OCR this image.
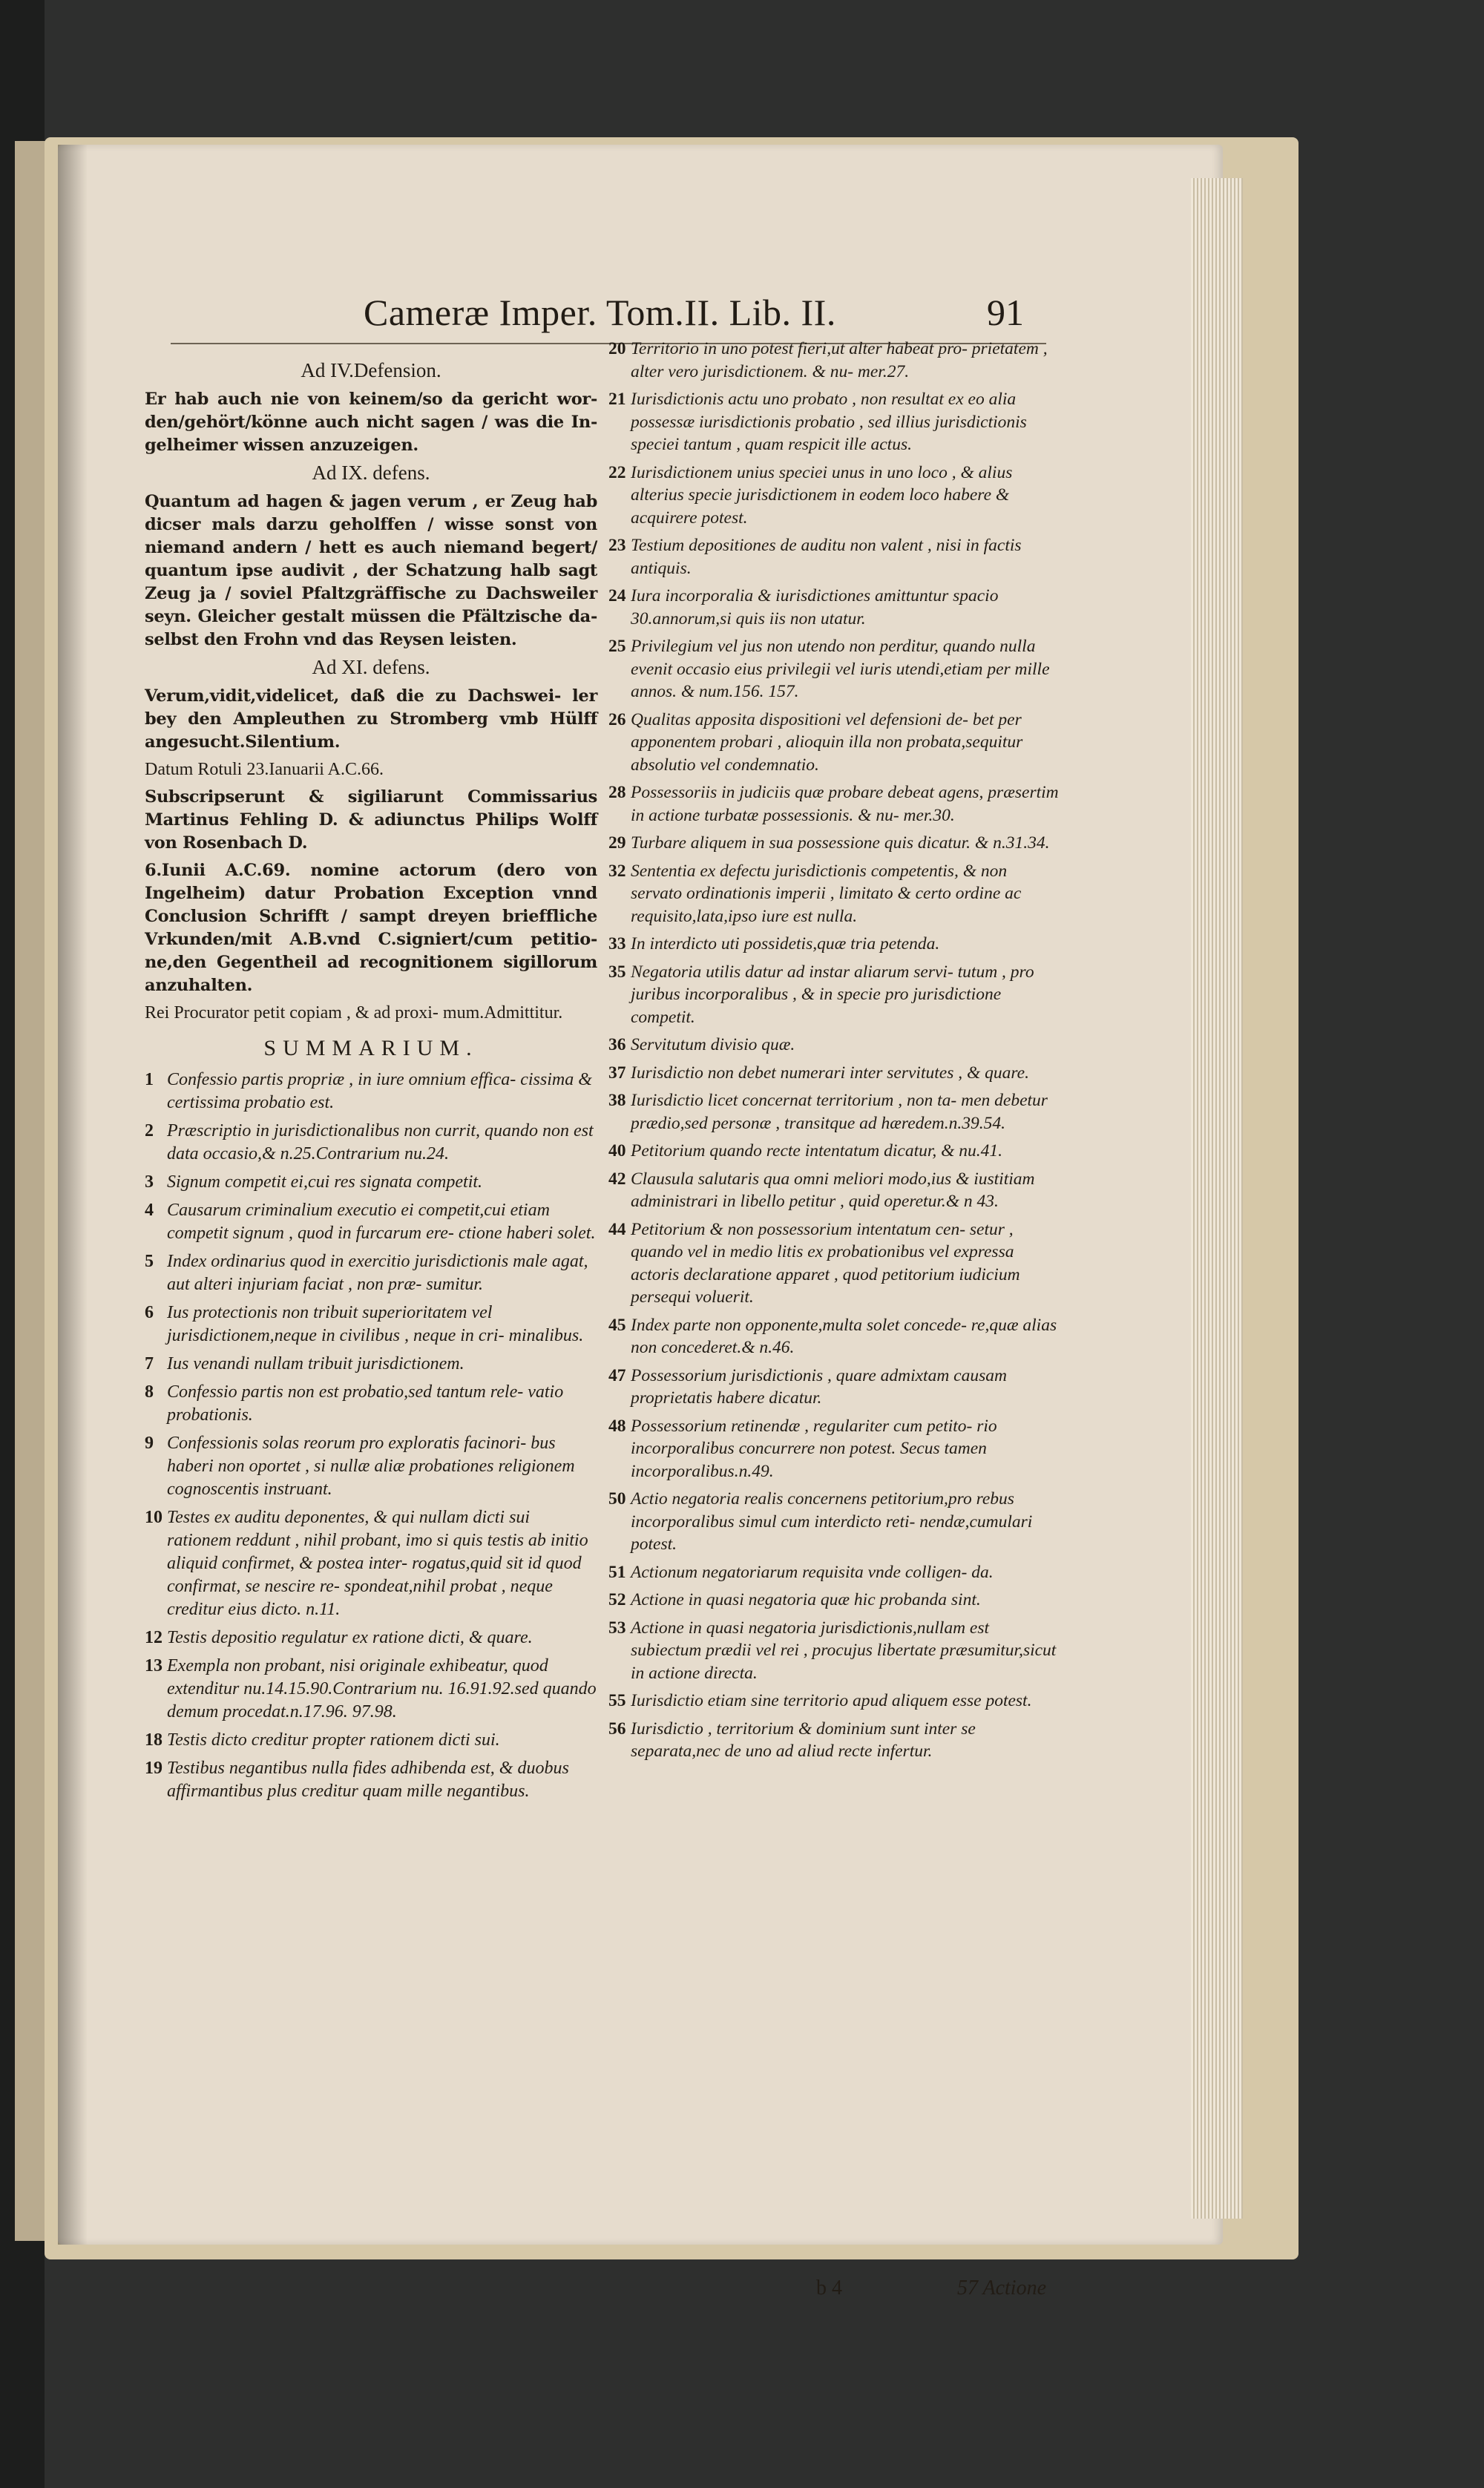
Cameræ Imper. Tom.II. Lib. II.	91
Ad IV.Defension.
Er hab auch nie von keinem/so da gericht wor- den/gehört/könne auch nicht sagen / was die In- gelheimer wissen anzuzeigen.
Ad IX. defens.
Quantum ad hagen & jagen verum , er Zeug hab dicser mals darzu geholffen / wisse sonst von niemand andern / hett es auch niemand begert/ quantum ipse audivit , der Schatzung halb sagt Zeug ja / soviel Pfaltzgräffische zu Dachsweiler seyn. Gleicher gestalt müssen die Pfältzische da- selbst den Frohn vnd das Reysen leisten.
Ad XI. defens.
Verum,vidit,videlicet, daß die zu Dachswei- ler bey den Ampleuthen zu Stromberg vmb Hülff angesucht.Silentium.
Datum Rotuli 23.Ianuarii A.C.66.
Subscripserunt & sigiliarunt Commissarius Martinus Fehling D. & adiunctus Philips Wolff von Rosenbach D.
6.Iunii A.C.69. nomine actorum (dero von Ingelheim) datur Probation Exception vnnd Conclusion Schrifft / sampt dreyen brieffliche Vrkunden/mit A.B.vnd C.signiert/cum petitio- ne,den Gegentheil ad recognitionem sigillorum anzuhalten.
Rei Procurator petit copiam , & ad proxi- mum.Admittitur.
SUMMARIUM.
1 Confessio partis propriæ , in iure omnium effica- cissima & certissima probatio est.
2 Præscriptio in jurisdictionalibus non currit, quando non est data occasio,& n.25.Contrarium nu.24.
3 Signum competit ei,cui res signata competit.
4 Causarum criminalium executio ei competit,cui etiam competit signum , quod in furcarum ere- ctione haberi solet.
5 Index ordinarius quod in exercitio jurisdictionis male agat, aut alteri injuriam faciat , non præ- sumitur.
6 Ius protectionis non tribuit superioritatem vel jurisdictionem,neque in civilibus , neque in cri- minalibus.
7 Ius venandi nullam tribuit jurisdictionem.
8 Confessio partis non est probatio,sed tantum rele- vatio probationis.
9 Confessionis solas reorum pro exploratis facinori- bus haberi non oportet , si nullæ aliæ probationes religionem cognoscentis instruant.
10 Testes ex auditu deponentes, & qui nullam dicti sui rationem reddunt , nihil probant, imo si quis testis ab initio aliquid confirmet, & postea inter- rogatus,quid sit id quod confirmat, se nescire re- spondeat,nihil probat , neque creditur eius dicto. n.11.
12 Testis depositio regulatur ex ratione dicti, & quare.
13 Exempla non probant, nisi originale exhibeatur, quod extenditur nu.14.15.90.Contrarium nu. 16.91.92.sed quando demum procedat.n.17.96. 97.98.
18 Testis dicto creditur propter rationem dicti sui.
19 Testibus negantibus nulla fides adhibenda est, & duobus affirmantibus plus creditur quam mille negantibus.
20 Territorio in uno potest fieri,ut alter habeat pro- prietatem , alter vero jurisdictionem. & nu- mer.27.
21 Iurisdictionis actu uno probato , non resultat ex eo alia possessæ iurisdictionis probatio , sed illius jurisdictionis speciei tantum , quam respicit ille actus.
22 Iurisdictionem unius speciei unus in uno loco , & alius alterius specie jurisdictionem in eodem loco habere & acquirere potest.
23 Testium depositiones de auditu non valent , nisi in factis antiquis.
24 Iura incorporalia & iurisdictiones amittuntur spacio 30.annorum,si quis iis non utatur.
25 Privilegium vel jus non utendo non perditur, quando nulla evenit occasio eius privilegii vel iuris utendi,etiam per mille annos. & num.156. 157.
26 Qualitas apposita dispositioni vel defensioni de- bet per apponentem probari , alioquin illa non probata,sequitur absolutio vel condemnatio.
28 Possessoriis in judiciis quæ probare debeat agens, præsertim in actione turbatæ possessionis. & nu- mer.30.
29 Turbare aliquem in sua possessione quis dicatur. & n.31.34.
32 Sententia ex defectu jurisdictionis competentis, & non servato ordinationis imperii , limitato & certo ordine ac requisito,lata,ipso iure est nulla.
33 In interdicto uti possidetis,quæ tria petenda.
35 Negatoria utilis datur ad instar aliarum servi- tutum , pro juribus incorporalibus , & in specie pro jurisdictione competit.
36 Servitutum divisio quæ.
37 Iurisdictio non debet numerari inter servitutes , & quare.
38 Iurisdictio licet concernat territorium , non ta- men debetur prædio,sed personæ , transitque ad hæredem.n.39.54.
40 Petitorium quando recte intentatum dicatur, & nu.41.
42 Clausula salutaris qua omni meliori modo,ius & iustitiam administrari in libello petitur , quid operetur.& n 43.
44 Petitorium & non possessorium intentatum cen- setur , quando vel in medio litis ex probationibus vel expressa actoris declaratione apparet , quod petitorium iudicium persequi voluerit.
45 Index parte non opponente,multa solet concede- re,quæ alias non concederet.& n.46.
47 Possessorium jurisdictionis , quare admixtam causam proprietatis habere dicatur.
48 Possessorium retinendæ , regulariter cum petito- rio incorporalibus concurrere non potest. Secus tamen incorporalibus.n.49.
50 Actio negatoria realis concernens petitorium,pro rebus incorporalibus simul cum interdicto reti- nendæ,cumulari potest.
51 Actionum negatoriarum requisita vnde colligen- da.
52 Actione in quasi negatoria quæ hic probanda sint.
53 Actione in quasi negatoria jurisdictionis,nullam est subiectum prædii vel rei , procujus libertate præsumitur,sicut in actione directa.
55 Iurisdictio etiam sine territorio apud aliquem esse potest.
56 Iurisdictio , territorium & dominium sunt inter se separata,nec de uno ad aliud recte infertur.
b 4	57 Actione
